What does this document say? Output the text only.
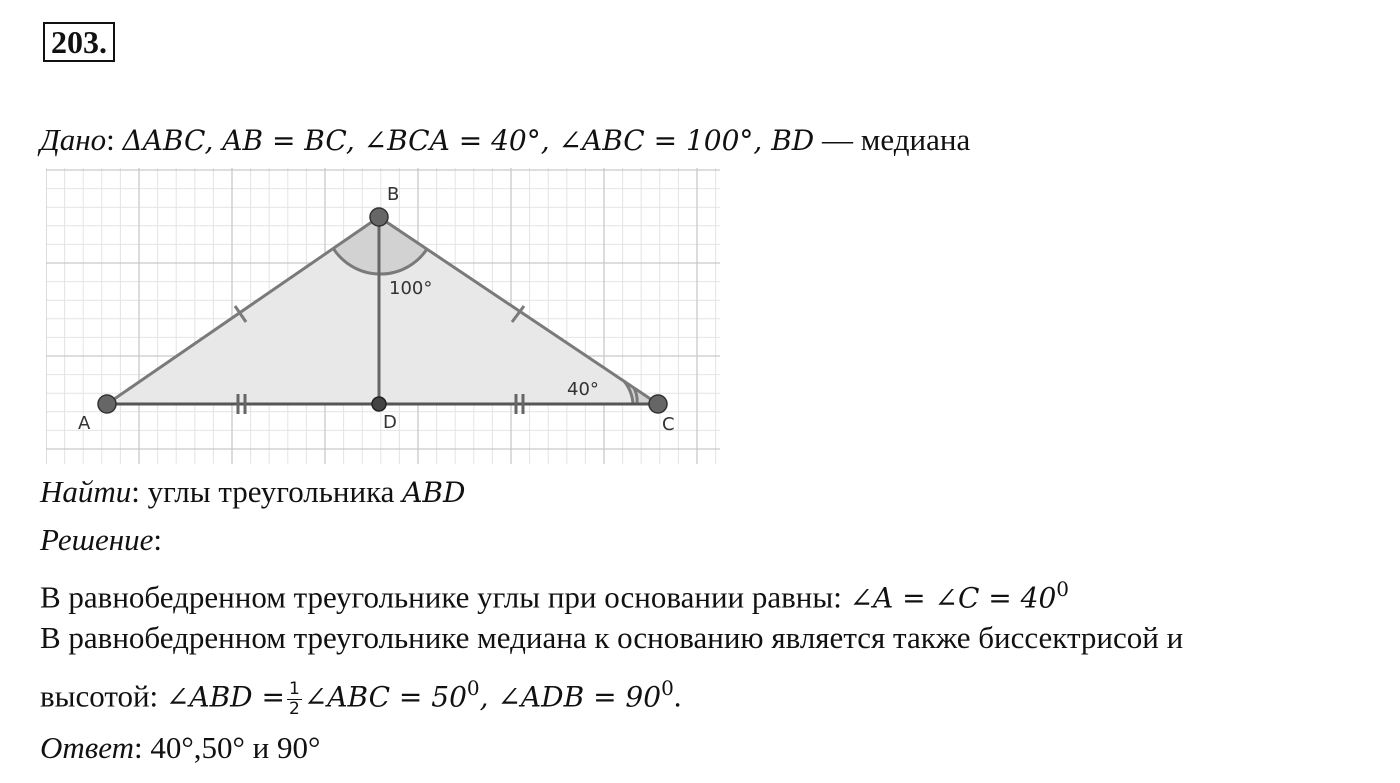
203.
Дано: ΔABC, AB = BC, ∠BCA = 40°, ∠ABC = 100°, BD — медиана
B
A	C
D
100°
40°
Найти: углы треугольника ABD
Решение:
В равнобедренном треугольнике углы при основании равны: ∠A = ∠C = $40^0$
В равнобедренном треугольнике медиана к основанию является также биссектрисой и
высотой: ∠ABD = $\frac{1}{2}$ ∠ABC = $50^0$, ∠ADB = $90^0$.
Ответ: 40°,50° и 90°
